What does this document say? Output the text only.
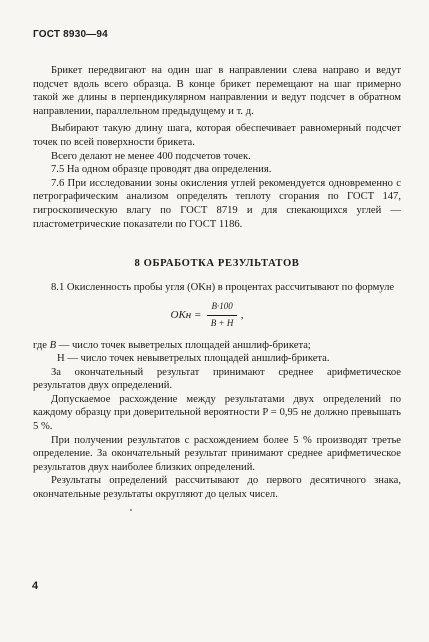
ГОСТ 8930—94

Брикет передвигают на один шаг в направлении слева направо и ведут подсчет вдоль всего образца. В конце брикет перемещают на шаг примерно такой же длины в перпендикулярном направлении и ведут подсчет в обратном направлении, параллельном предыдущему и т. д.

Выбирают такую длину шага, которая обеспечивает равномерный подсчет точек по всей поверхности брикета.

Всего делают не менее 400 подсчетов точек.

7.5 На одном образце проводят два определения.

7.6 При исследовании зоны окисления углей рекомендуется одновременно с петрографическим анализом определять теплоту сгорания по ГОСТ 147, гигроскопическую влагу по ГОСТ 8719 и для спекающихся углей — пластометрические показатели по ГОСТ 1186.

8 ОБРАБОТКА РЕЗУЛЬТАТОВ

8.1 Окисленность пробы угля (OKн) в процентах рассчитывают по формуле

OKн = $\frac{B\cdot 100}{B + H}$ ,

где B — число точек выветрелых площадей аншлиф-брикета;

H — число точек невыветрелых площадей аншлиф-брикета.

За окончательный результат принимают среднее арифметическое результатов двух определений.

Допускаемое расхождение между результатами двух определений по каждому образцу при доверительной вероятности P = 0,95 не должно превышать 5 %.

При получении результатов с расхождением более 5 % производят третье определение. За окончательный результат принимают среднее арифметическое результатов двух наиболее близких определений.

Результаты определений рассчитывают до первого десятичного знака, окончательные результаты округляют до целых чисел.

4
